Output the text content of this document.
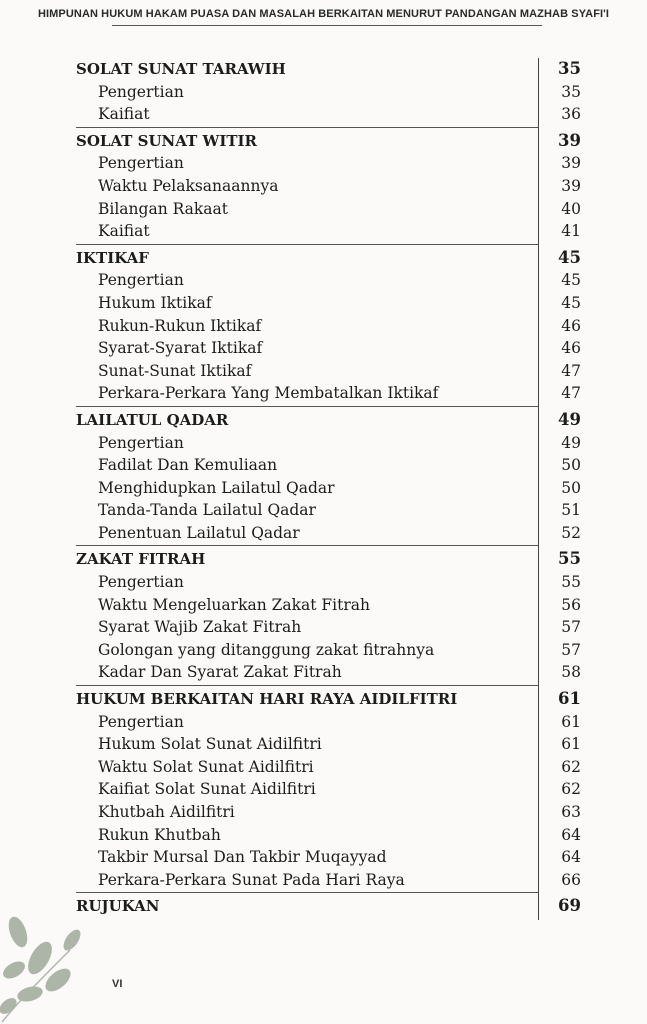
HIMPUNAN HUKUM HAKAM PUASA DAN MASALAH BERKAITAN MENURUT PANDANGAN MAZHAB SYAFI'I
SOLAT SUNAT TARAWIH	35
Pengertian	35
Kaifiat	36
SOLAT SUNAT WITIR	39
Pengertian	39
Waktu Pelaksanaannya	39
Bilangan Rakaat	40
Kaifiat	41
IKTIKAF	45
Pengertian	45
Hukum Iktikaf	45
Rukun-Rukun Iktikaf	46
Syarat-Syarat Iktikaf	46
Sunat-Sunat Iktikaf	47
Perkara-Perkara Yang Membatalkan Iktikaf	47
LAILATUL QADAR	49
Pengertian	49
Fadilat Dan Kemuliaan	50
Menghidupkan Lailatul Qadar	50
Tanda-Tanda Lailatul Qadar	51
Penentuan Lailatul Qadar	52
ZAKAT FITRAH	55
Pengertian	55
Waktu Mengeluarkan Zakat Fitrah	56
Syarat Wajib Zakat Fitrah	57
Golongan yang ditanggung zakat fitrahnya	57
Kadar Dan Syarat Zakat Fitrah	58
HUKUM BERKAITAN HARI RAYA AIDILFITRI	61
Pengertian	61
Hukum Solat Sunat Aidilfitri	61
Waktu Solat Sunat Aidilfitri	62
Kaifiat Solat Sunat Aidilfitri	62
Khutbah Aidilfitri	63
Rukun Khutbah	64
Takbir Mursal Dan Takbir Muqayyad	64
Perkara-Perkara Sunat Pada Hari Raya	66
RUJUKAN	69
VI
